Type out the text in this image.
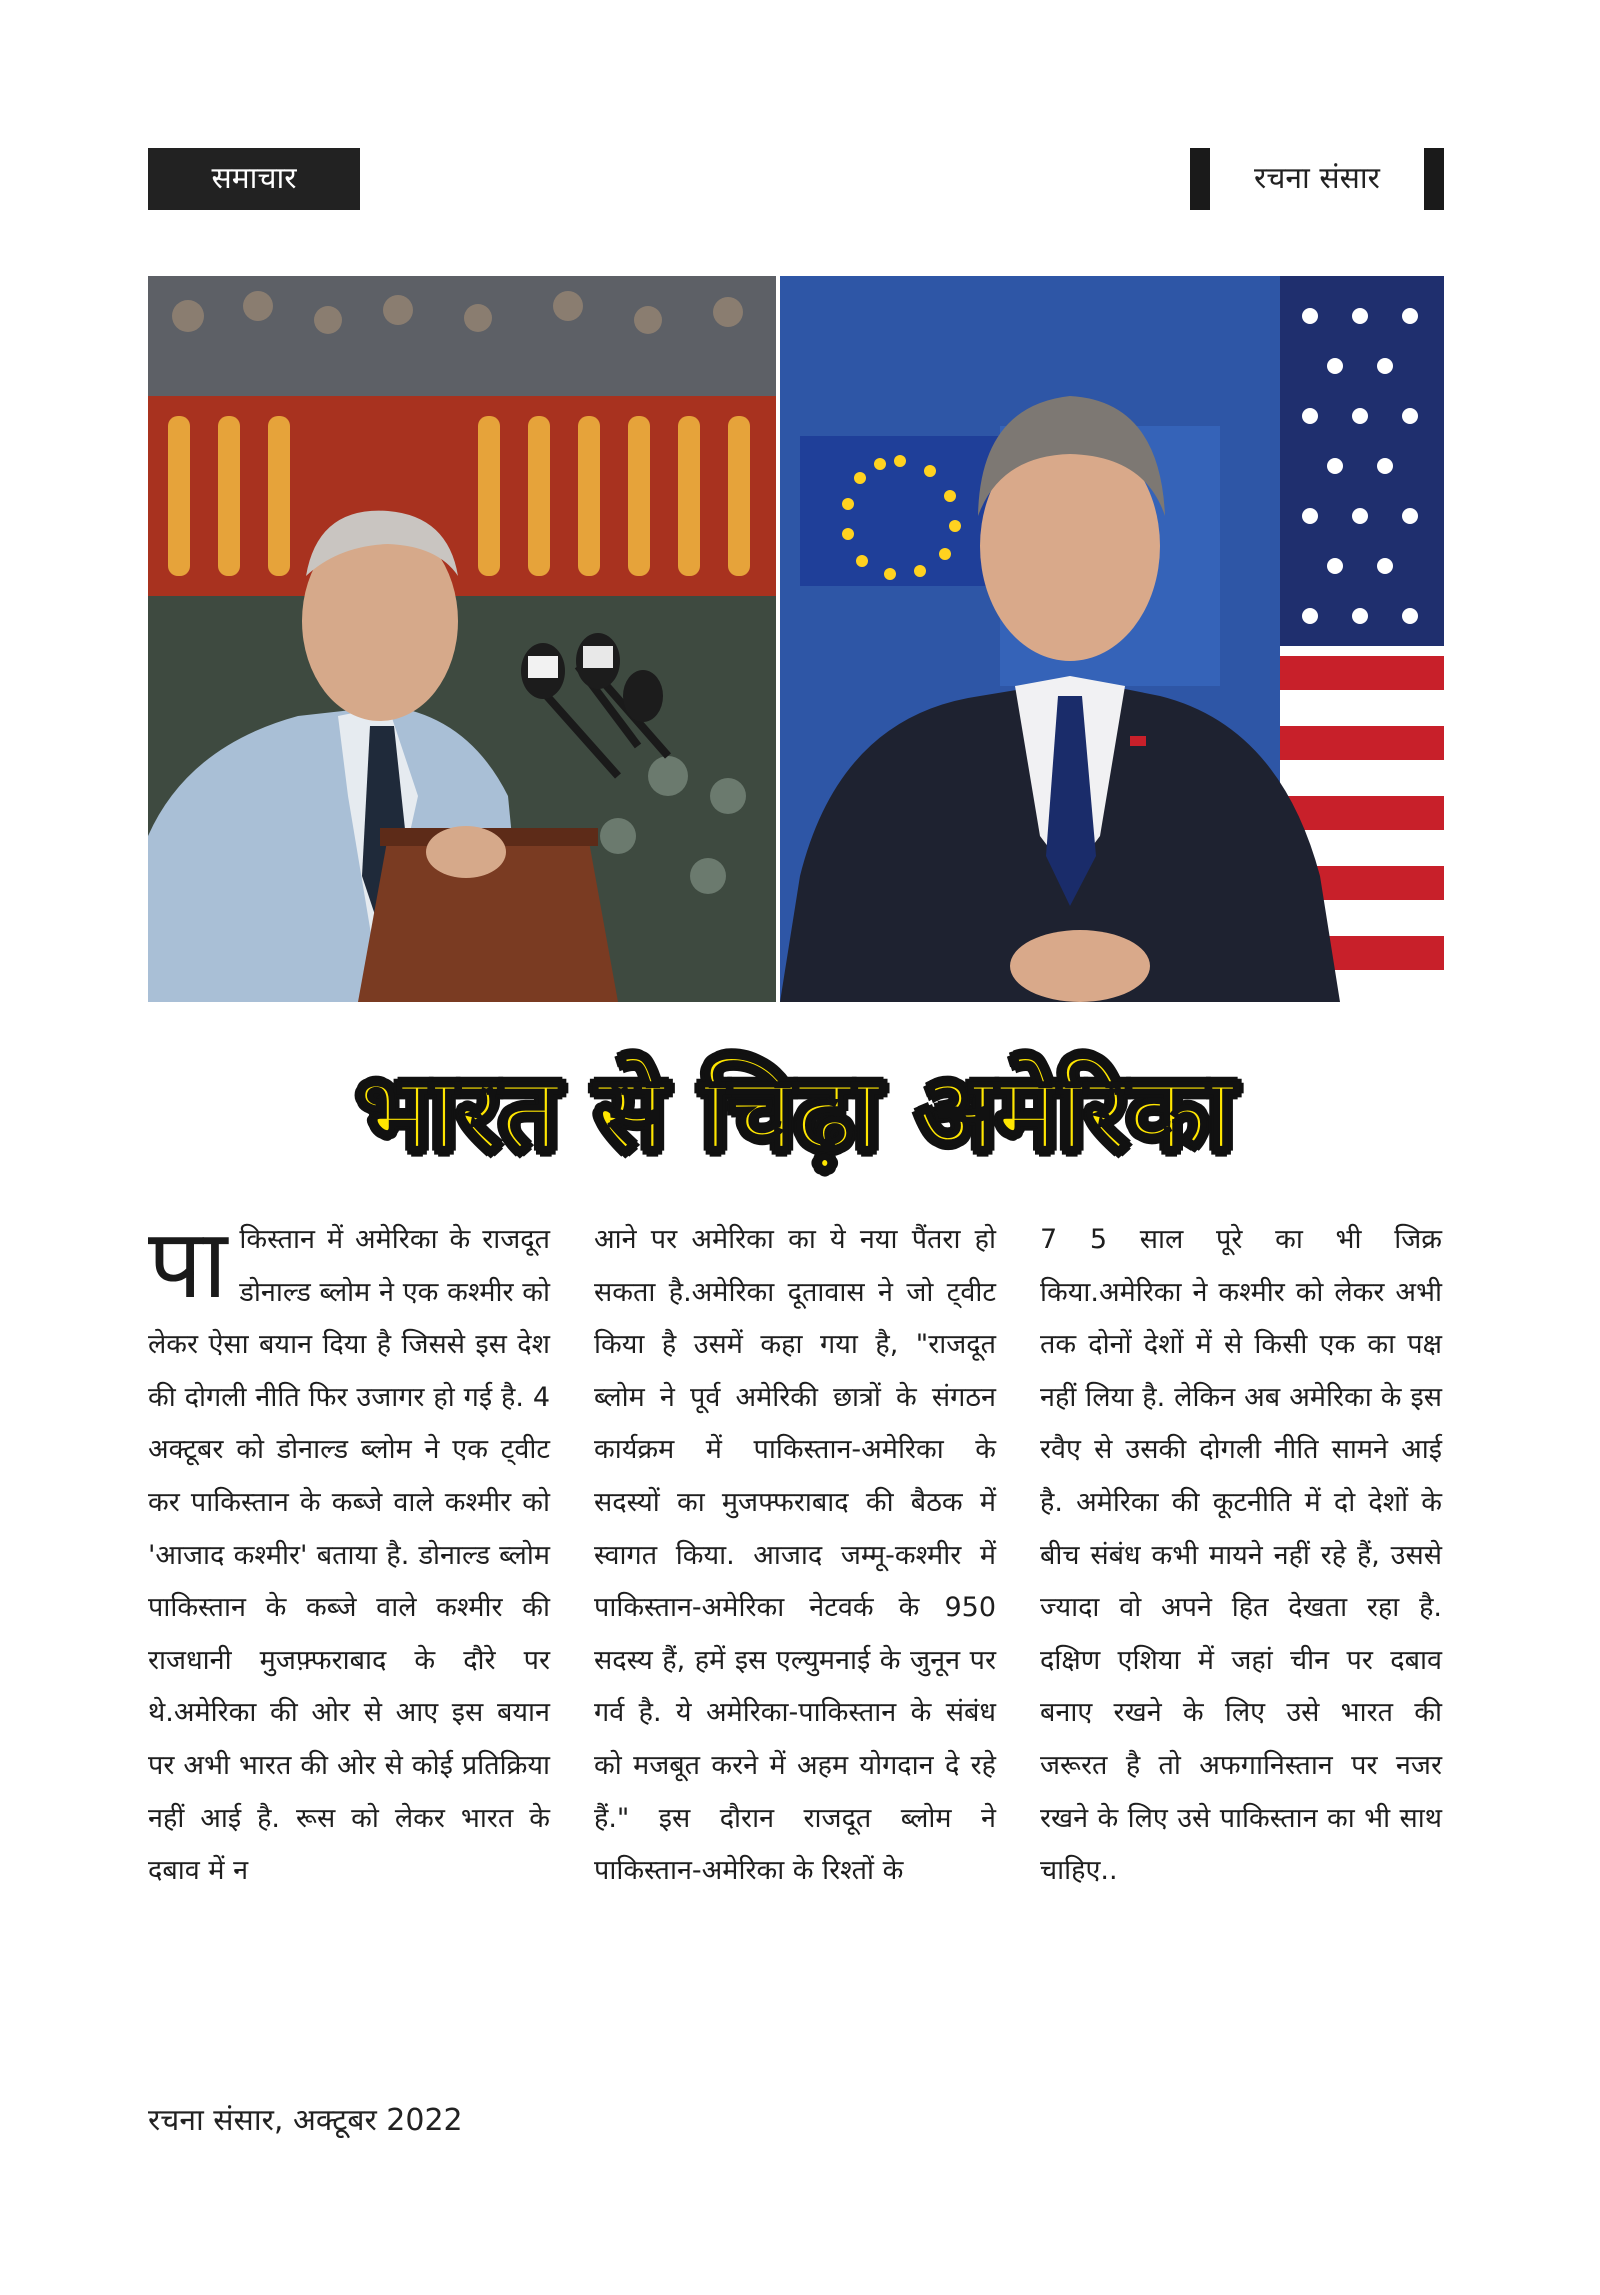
समाचार	रचना संसार
भारत से चिढ़ा अमेरिका
पाकिस्तान में अमेरिका के राजदूत डोनाल्ड ब्लोम ने एक कश्मीर को लेकर ऐसा बयान दिया है जिससे इस देश की दोगली नीति फिर उजागर हो गई है. 4 अक्टूबर को डोनाल्ड ब्लोम ने एक ट्वीट कर पाकिस्तान के कब्जे वाले कश्मीर को 'आजाद कश्मीर' बताया है. डोनाल्ड ब्लोम पाकिस्तान के कब्जे वाले कश्मीर की राजधानी मुजफ़्फराबाद के दौरे पर थे.अमेरिका की ओर से आए इस बयान पर अभी भारत की ओर से कोई प्रतिक्रिया नहीं आई है. रूस को लेकर भारत के दबाव में न
आने पर अमेरिका का ये नया पैंतरा हो सकता है.अमेरिका दूतावास ने जो ट्वीट किया है उसमें कहा गया है, "राजदूत ब्लोम ने पूर्व अमेरिकी छात्रों के संगठन कार्यक्रम में पाकिस्तान-अमेरिका के सदस्यों का मुजफ्फराबाद की बैठक में स्वागत किया. आजाद जम्मू-कश्मीर में पाकिस्तान-अमेरिका नेटवर्क के 950 सदस्य हैं, हमें इस एल्युमनाई के जुनून पर गर्व है. ये अमेरिका-पाकिस्तान के संबंध को मजबूत करने में अहम योगदान दे रहे हैं." इस दौरान राजदूत ब्लोम ने पाकिस्तान-अमेरिका के रिश्तों के
7 5 साल पूरे का भी जिक्र किया.अमेरिका ने कश्मीर को लेकर अभी तक दोनों देशों में से किसी एक का पक्ष नहीं लिया है. लेकिन अब अमेरिका के इस रवैए से उसकी दोगली नीति सामने आई है. अमेरिका की कूटनीति में दो देशों के बीच संबंध कभी मायने नहीं रहे हैं, उससे ज्यादा वो अपने हित देखता रहा है. दक्षिण एशिया में जहां चीन पर दबाव बनाए रखने के लिए उसे भारत की जरूरत है तो अफगानिस्तान पर नजर रखने के लिए उसे पाकिस्तान का भी साथ चाहिए..
रचना संसार, अक्टूबर 2022
